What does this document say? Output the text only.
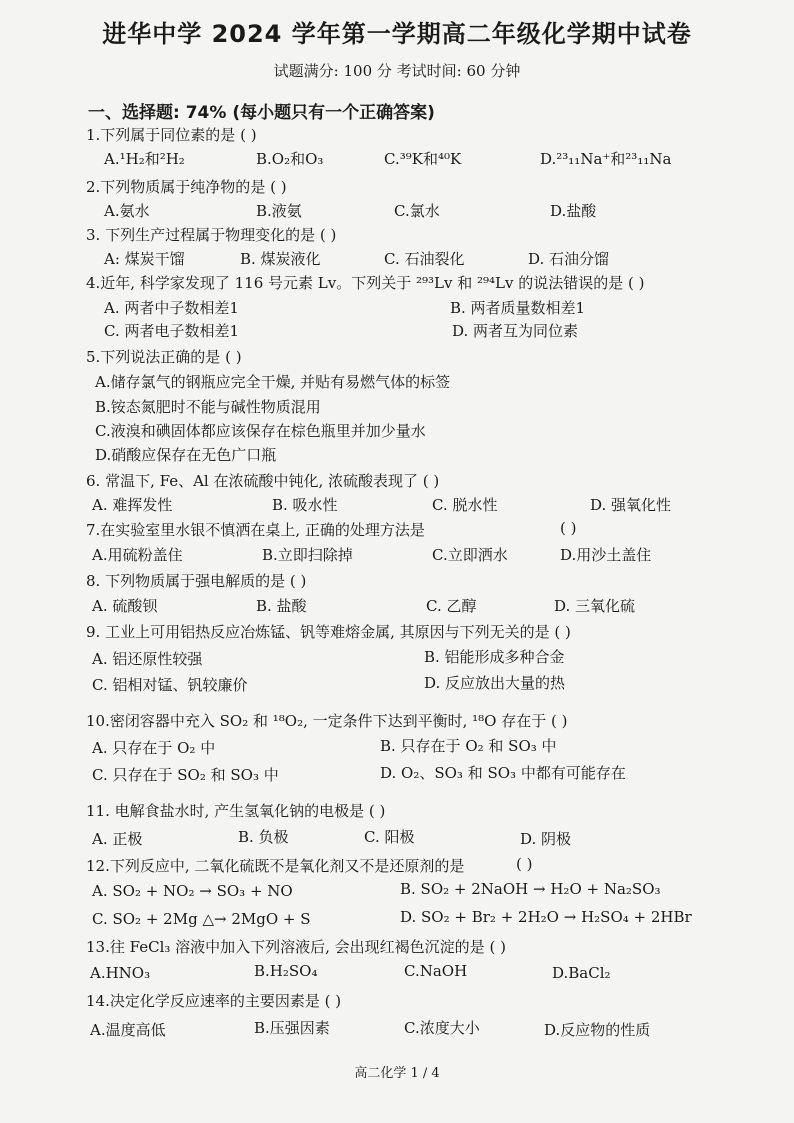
进华中学 2024 学年第一学期高二年级化学期中试卷
试题满分: 100 分 考试时间: 60 分钟
一、选择题: 74% (每小题只有一个正确答案)
1.下列属于同位素的是 ( )
A.¹H₂和²H₂	B.O₂和O₃	C.³⁹K和⁴⁰K	D.²³₁₁Na⁺和²³₁₁Na
2.下列物质属于纯净物的是 ( )
A.氨水	B.液氨	C.氯水	D.盐酸
3. 下列生产过程属于物理变化的是 ( )
A: 煤炭干馏	B. 煤炭液化	C. 石油裂化	D. 石油分馏
4.近年, 科学家发现了 116 号元素 Lv。下列关于 ²⁹³Lv 和 ²⁹⁴Lv 的说法错误的是 ( )
A. 两者中子数相差1	B. 两者质量数相差1
C. 两者电子数相差1	D. 两者互为同位素
5.下列说法正确的是 ( )
A.储存氯气的钢瓶应完全干燥, 并贴有易燃气体的标签
B.铵态氮肥时不能与碱性物质混用
C.液溴和碘固体都应该保存在棕色瓶里并加少量水
D.硝酸应保存在无色广口瓶
6. 常温下, Fe、Al 在浓硫酸中钝化, 浓硫酸表现了 ( )
A. 难挥发性	B. 吸水性	C. 脱水性	D. 强氧化性
7.在实验室里水银不慎洒在桌上, 正确的处理方法是	( )
A.用硫粉盖住	B.立即扫除掉	C.立即洒水	D.用沙土盖住
8. 下列物质属于强电解质的是 ( )
A. 硫酸钡	B. 盐酸	C. 乙醇	D. 三氧化硫
9. 工业上可用铝热反应冶炼锰、钒等难熔金属, 其原因与下列无关的是 ( )
A. 铝还原性较强	B. 铝能形成多种合金
C. 铝相对锰、钒较廉价	D. 反应放出大量的热
10.密闭容器中充入 SO₂ 和 ¹⁸O₂, 一定条件下达到平衡时, ¹⁸O 存在于 ( )
A. 只存在于 O₂ 中	B. 只存在于 O₂ 和 SO₃ 中
C. 只存在于 SO₂ 和 SO₃ 中	D. O₂、SO₃ 和 SO₃ 中都有可能存在
11. 电解食盐水时, 产生氢氧化钠的电极是 ( )
A. 正极	B. 负极	C. 阳极	D. 阴极
12.下列反应中, 二氧化硫既不是氧化剂又不是还原剂的是	( )
A. SO₂ + NO₂ → SO₃ + NO	B. SO₂ + 2NaOH → H₂O + Na₂SO₃
C. SO₂ + 2Mg △→ 2MgO + S	D. SO₂ + Br₂ + 2H₂O → H₂SO₄ + 2HBr
13.往 FeCl₃ 溶液中加入下列溶液后, 会出现红褐色沉淀的是 ( )
A.HNO₃	B.H₂SO₄	C.NaOH	D.BaCl₂
14.决定化学反应速率的主要因素是 ( )
A.温度高低	B.压强因素	C.浓度大小	D.反应物的性质
高二化学 1 / 4
